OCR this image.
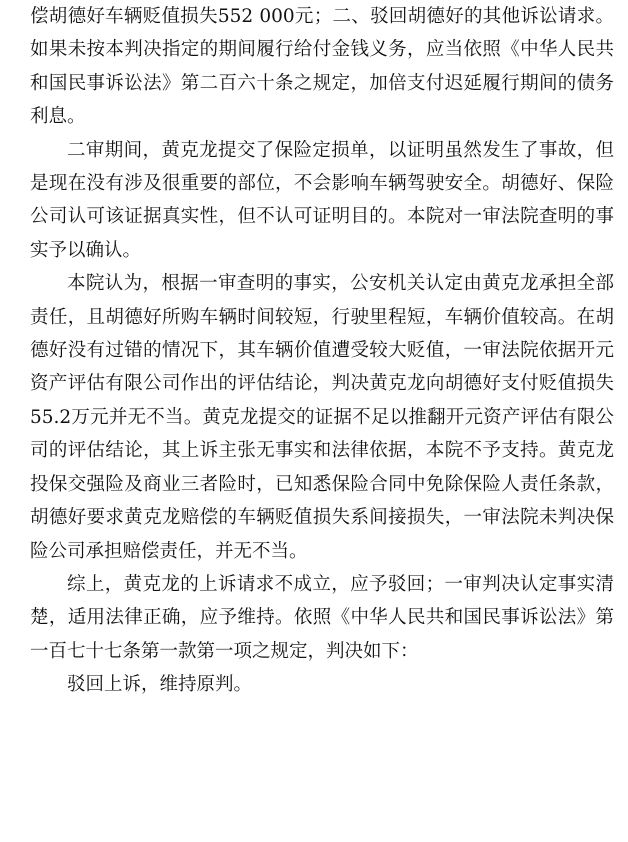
偿胡德好车辆贬值损失552 000元；二、驳回胡德好的其他诉讼请求。如果未按本判决指定的期间履行给付金钱义务，应当依照《中华人民共和国民事诉讼法》第二百六十条之规定，加倍支付迟延履行期间的债务利息。

二审期间，黄克龙提交了保险定损单，以证明虽然发生了事故，但是现在没有涉及很重要的部位，不会影响车辆驾驶安全。胡德好、保险公司认可该证据真实性，但不认可证明目的。本院对一审法院查明的事实予以确认。

本院认为，根据一审查明的事实，公安机关认定由黄克龙承担全部责任，且胡德好所购车辆时间较短，行驶里程短，车辆价值较高。在胡德好没有过错的情况下，其车辆价值遭受较大贬值，一审法院依据开元资产评估有限公司作出的评估结论，判决黄克龙向胡德好支付贬值损失55.2万元并无不当。黄克龙提交的证据不足以推翻开元资产评估有限公司的评估结论，其上诉主张无事实和法律依据，本院不予支持。黄克龙投保交强险及商业三者险时，已知悉保险合同中免除保险人责任条款，胡德好要求黄克龙赔偿的车辆贬值损失系间接损失，一审法院未判决保险公司承担赔偿责任，并无不当。

综上，黄克龙的上诉请求不成立，应予驳回；一审判决认定事实清楚，适用法律正确，应予维持。依照《中华人民共和国民事诉讼法》第一百七十七条第一款第一项之规定，判决如下：

驳回上诉，维持原判。
